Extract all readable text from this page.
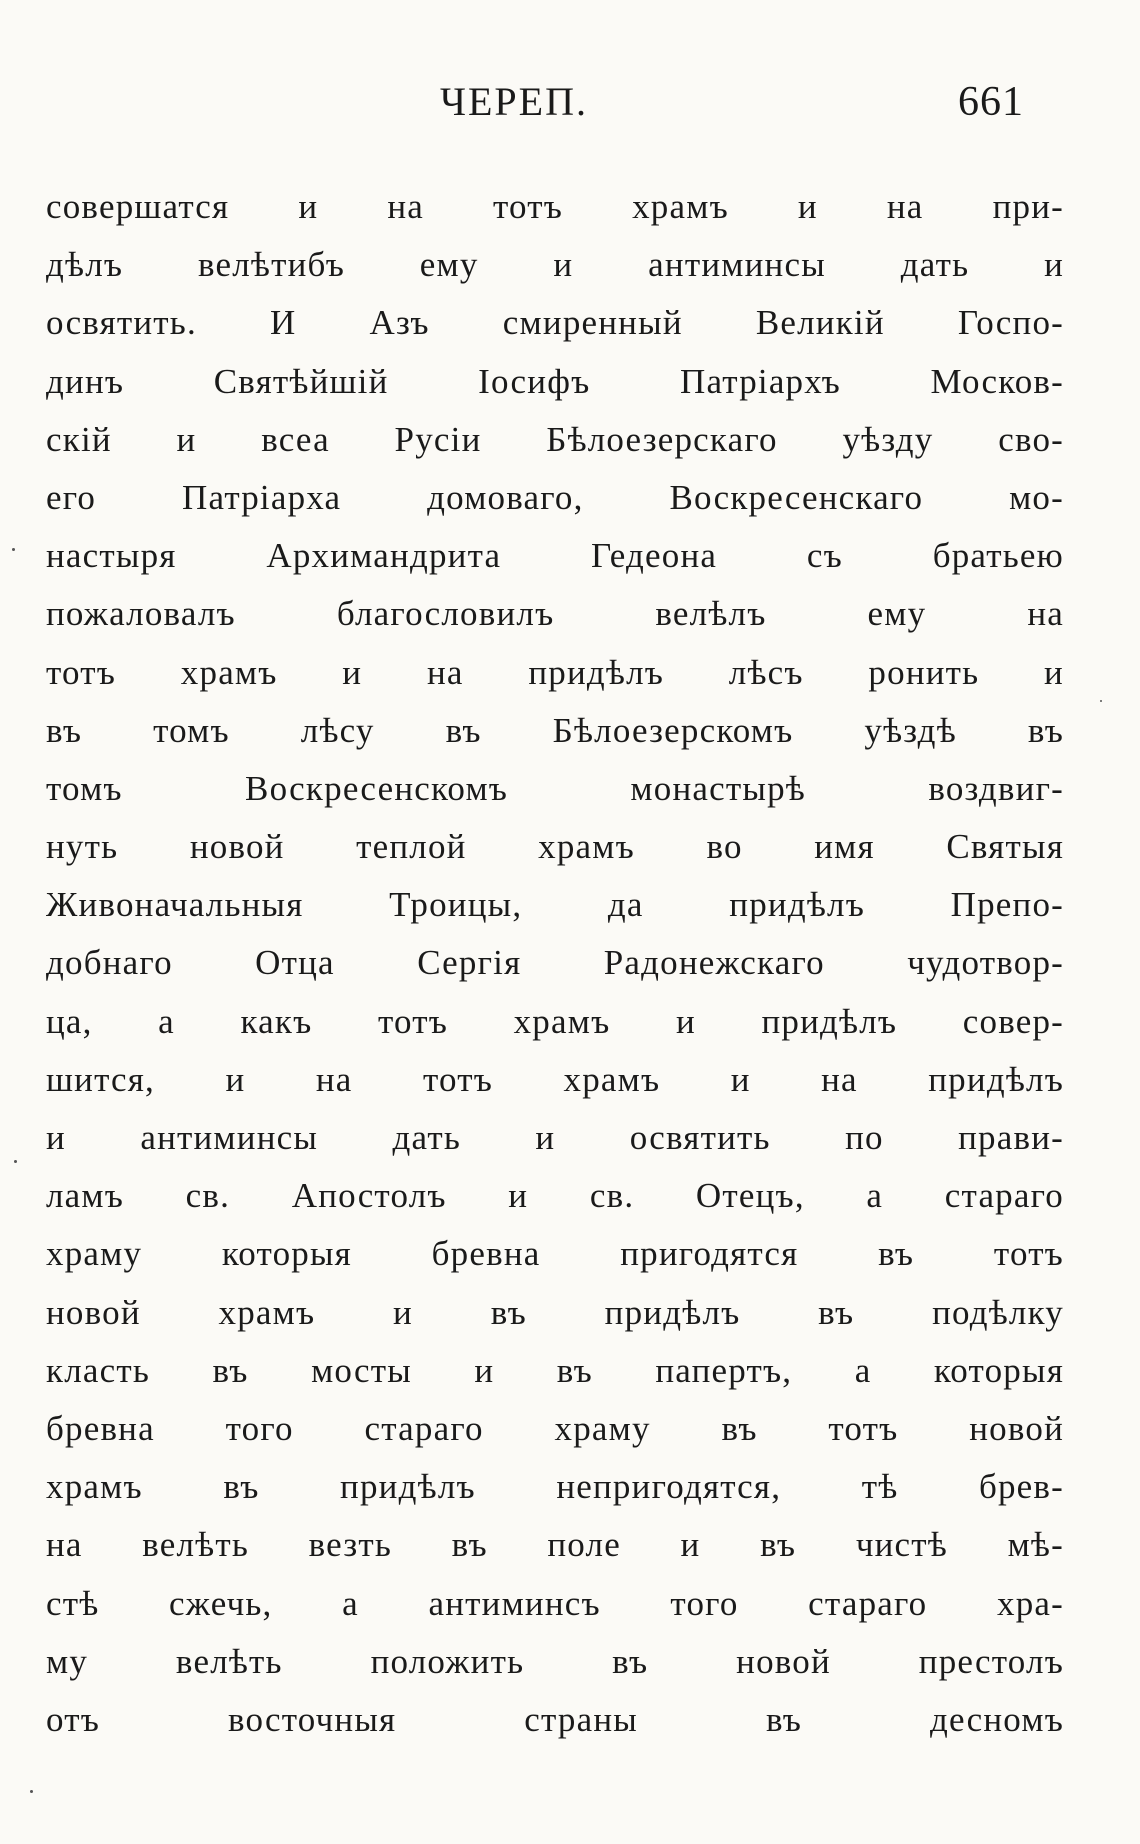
ЧЕРЕП.	661
совершатся и на тотъ храмъ и на при-
дѣлъ велѣтибъ ему и антиминсы дать и
освятить. И Азъ смиренный Великій Госпо-
динъ Святѣйшій Іосифъ Патріархъ Москов-
скій и всеа Русіи Бѣлоезерскаго уѣзду сво-
его Патріарха домоваго, Воскресенскаго мо-
настыря Архимандрита Гедеона съ братьею
пожаловалъ благословилъ велѣлъ ему на
тотъ храмъ и на придѣлъ лѣсъ ронить и
въ томъ лѣсу въ Бѣлоезерскомъ уѣздѣ въ
томъ Воскресенскомъ монастырѣ воздвиг-
нуть новой теплой храмъ во имя Святыя
Живоначальныя Троицы, да придѣлъ Препо-
добнаго Отца Сергія Радонежскаго чудотвор-
ца, а какъ тотъ храмъ и придѣлъ совер-
шится, и на тотъ храмъ и на придѣлъ
и антиминсы дать и освятить по прави-
ламъ св. Апостолъ и св. Отецъ, а стараго
храму которыя бревна пригодятся въ тотъ
новой храмъ и въ придѣлъ въ подѣлку
класть въ мосты и въ папертъ, а которыя
бревна того стараго храму въ тотъ новой
храмъ въ придѣлъ непригодятся, тѣ брев-
на велѣть везть въ поле и въ чистѣ мѣ-
стѣ сжечь, а антиминсъ того стараго хра-
му велѣть положить въ новой престолъ
отъ восточныя страны въ десномъ
